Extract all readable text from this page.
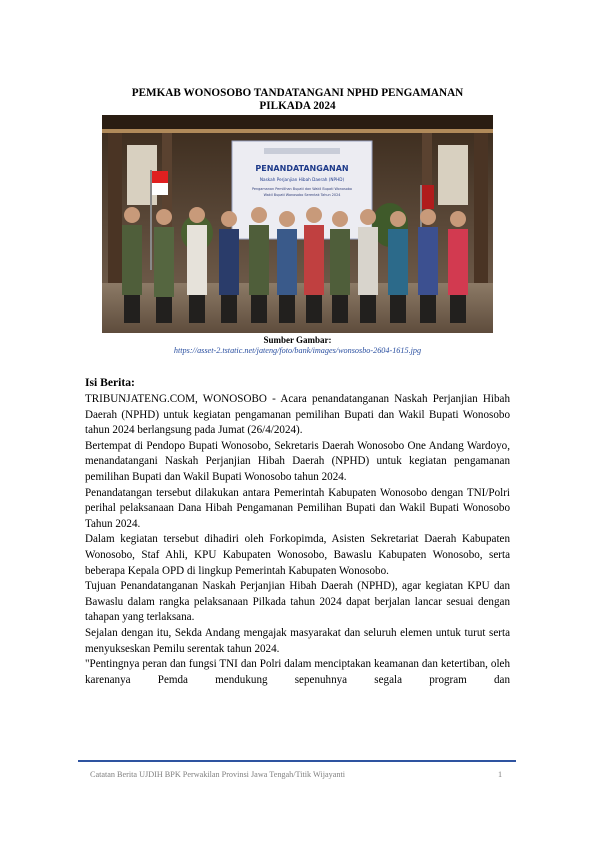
PEMKAB WONOSOBO TANDATANGANI NPHD PENGAMANAN
PILKADA 2024
PENANDATANGANAN
Naskah Perjanjian Hibah Daerah (NPHD)
Pengamanan Pemilihan Bupati dan Wakil Bupati Wonosobo
Wakil Bupati Wonosobo Serentak Tahun 2024
Sumber Gambar:
https://asset-2.tstatic.net/jateng/foto/bank/images/wonsosbo-2604-1615.jpg
Isi Berita:

TRIBUNJATENG.COM, WONOSOBO - Acara penandatanganan Naskah Perjanjian Hibah Daerah (NPHD) untuk kegiatan pengamanan pemilihan Bupati dan Wakil Bupati Wonosobo tahun 2024 berlangsung pada Jumat (26/4/2024).

Bertempat di Pendopo Bupati Wonosobo, Sekretaris Daerah Wonosobo One Andang Wardoyo, menandatangani Naskah Perjanjian Hibah Daerah (NPHD) untuk kegiatan pengamanan pemilihan Bupati dan Wakil Bupati Wonosobo tahun 2024.

Penandatangan tersebut dilakukan antara Pemerintah Kabupaten Wonosobo dengan TNI/Polri perihal pelaksanaan Dana Hibah Pengamanan Pemilihan Bupati dan Wakil Bupati Wonosobo Tahun 2024.

Dalam kegiatan tersebut dihadiri oleh Forkopimda, Asisten Sekretariat Daerah Kabupaten Wonosobo, Staf Ahli, KPU Kabupaten Wonosobo, Bawaslu Kabupaten Wonosobo, serta beberapa Kepala OPD di lingkup Pemerintah Kabupaten Wonosobo.

Tujuan Penandatanganan Naskah Perjanjian Hibah Daerah (NPHD), agar kegiatan KPU dan Bawaslu dalam rangka pelaksanaan Pilkada tahun 2024 dapat berjalan lancar sesuai dengan tahapan yang terlaksana.

Sejalan dengan itu, Sekda Andang mengajak masyarakat dan seluruh elemen untuk turut serta menyukseskan Pemilu serentak tahun 2024.

"Pentingnya peran dan fungsi TNI dan Polri dalam menciptakan keamanan dan ketertiban, oleh karenanya Pemda mendukung sepenuhnya segala program dan

Catatan Berita UJDIH BPK Perwakilan Provinsi Jawa Tengah/Titik Wijayanti	1
